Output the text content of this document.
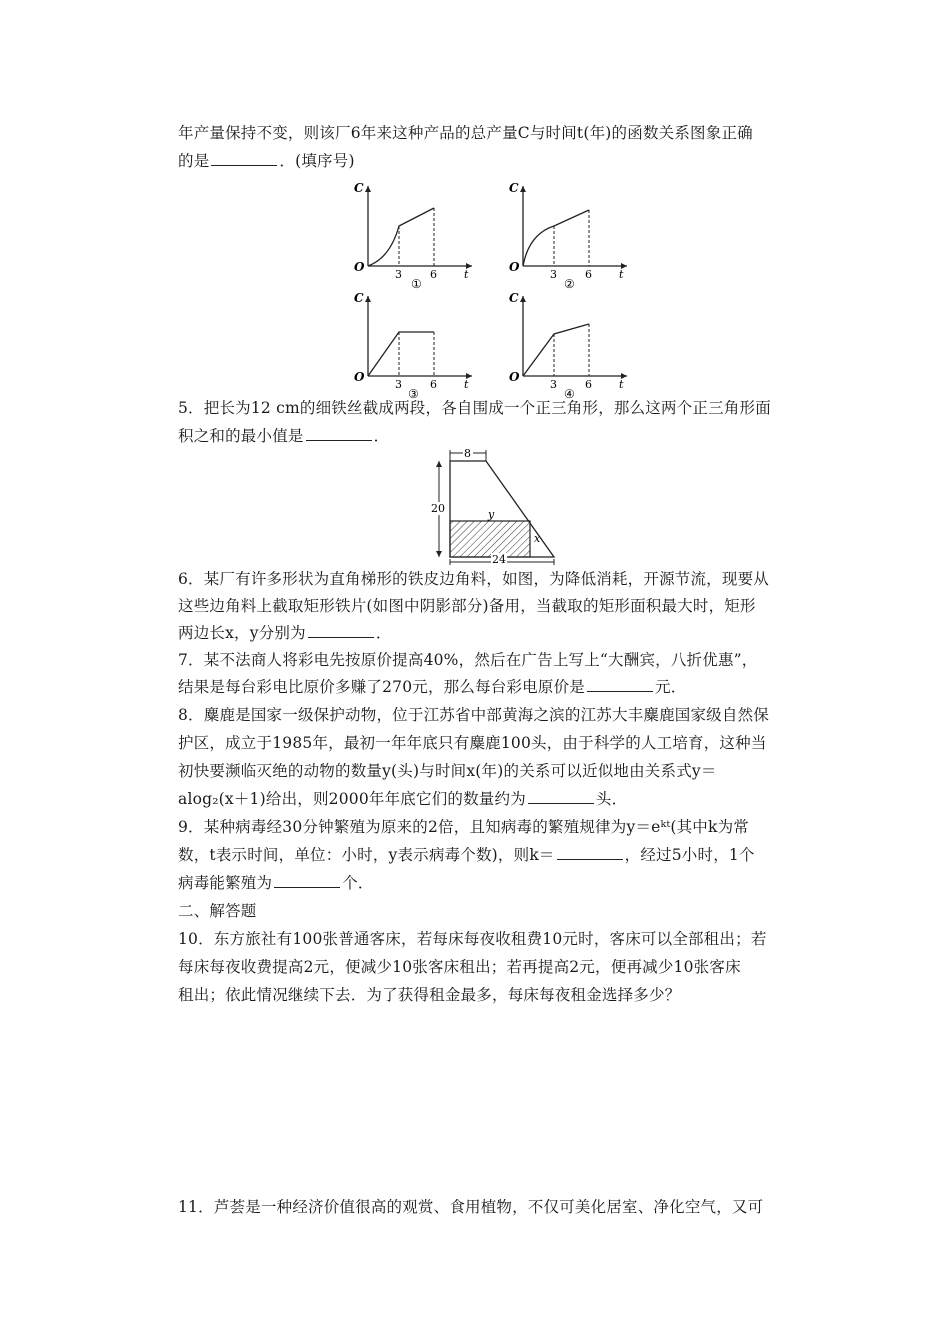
年产量保持不变，则该厂6年来这种产品的总产量C与时间t(年)的函数关系图象正确
的是	．(填序号)
C
O
3	6 t
①
C
O
3	6 t
②
C
O
3	6 t
③
C
O
3	6 t
④
5．把长为12 cm的细铁丝截成两段，各自围成一个正三角形，那么这两个正三角形面
积之和的最小值是	．
8
20
24
y
x
6．某厂有许多形状为直角梯形的铁皮边角料，如图，为降低消耗，开源节流，现要从
这些边角料上截取矩形铁片(如图中阴影部分)备用，当截取的矩形面积最大时，矩形
两边长x，y分别为	．
7．某不法商人将彩电先按原价提高40%，然后在广告上写上“大酬宾，八折优惠”，
结果是每台彩电比原价多赚了270元，那么每台彩电原价是	元．
8．麋鹿是国家一级保护动物，位于江苏省中部黄海之滨的江苏大丰麋鹿国家级自然保
护区，成立于1985年，最初一年年底只有麋鹿100头，由于科学的人工培育，这种当
初快要濒临灭绝的动物的数量y(头)与时间x(年)的关系可以近似地由关系式y＝
alog₂(x＋1)给出，则2000年年底它们的数量约为	头．
9．某种病毒经30分钟繁殖为原来的2倍，且知病毒的繁殖规律为y＝eᵏᵗ(其中k为常
数，t表示时间，单位：小时，y表示病毒个数)，则k＝	，经过5小时，1个
病毒能繁殖为	个．
二、解答题
10．东方旅社有100张普通客床，若每床每夜收租费10元时，客床可以全部租出；若
每床每夜收费提高2元，便减少10张客床租出；若再提高2元，便再减少10张客床
租出；依此情况继续下去．为了获得租金最多，每床每夜租金选择多少？
11．芦荟是一种经济价值很高的观赏、食用植物，不仅可美化居室、净化空气，又可
